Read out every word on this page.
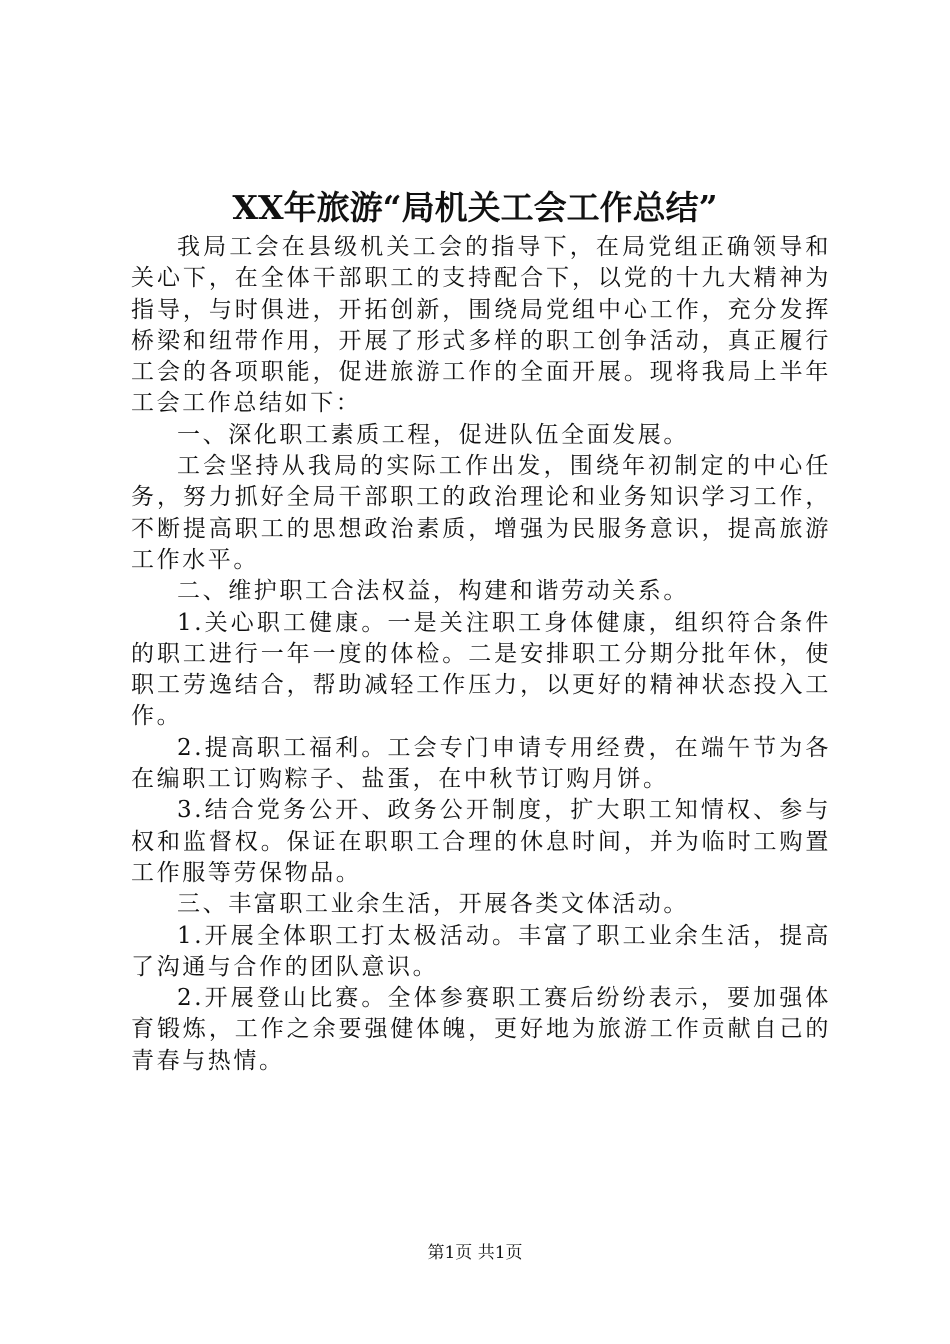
XX年旅游“局机关工会工作总结”

我局工会在县级机关工会的指导下，在局党组正确领导和关心下，在全体干部职工的支持配合下，以党的十九大精神为指导，与时俱进，开拓创新，围绕局党组中心工作，充分发挥桥梁和纽带作用，开展了形式多样的职工创争活动，真正履行工会的各项职能，促进旅游工作的全面开展。现将我局上半年工会工作总结如下：

一、深化职工素质工程，促进队伍全面发展。

工会坚持从我局的实际工作出发，围绕年初制定的中心任务，努力抓好全局干部职工的政治理论和业务知识学习工作，不断提高职工的思想政治素质，增强为民服务意识，提高旅游工作水平。

二、维护职工合法权益，构建和谐劳动关系。

1.关心职工健康。一是关注职工身体健康，组织符合条件的职工进行一年一度的体检。二是安排职工分期分批年休，使职工劳逸结合，帮助减轻工作压力，以更好的精神状态投入工作。

2.提高职工福利。工会专门申请专用经费，在端午节为各在编职工订购粽子、盐蛋，在中秋节订购月饼。

3.结合党务公开、政务公开制度，扩大职工知情权、参与权和监督权。保证在职职工合理的休息时间，并为临时工购置工作服等劳保物品。

三、丰富职工业余生活，开展各类文体活动。

1.开展全体职工打太极活动。丰富了职工业余生活，提高了沟通与合作的团队意识。

2.开展登山比赛。全体参赛职工赛后纷纷表示，要加强体育锻炼，工作之余要强健体魄，更好地为旅游工作贡献自己的青春与热情。

第1页 共1页
